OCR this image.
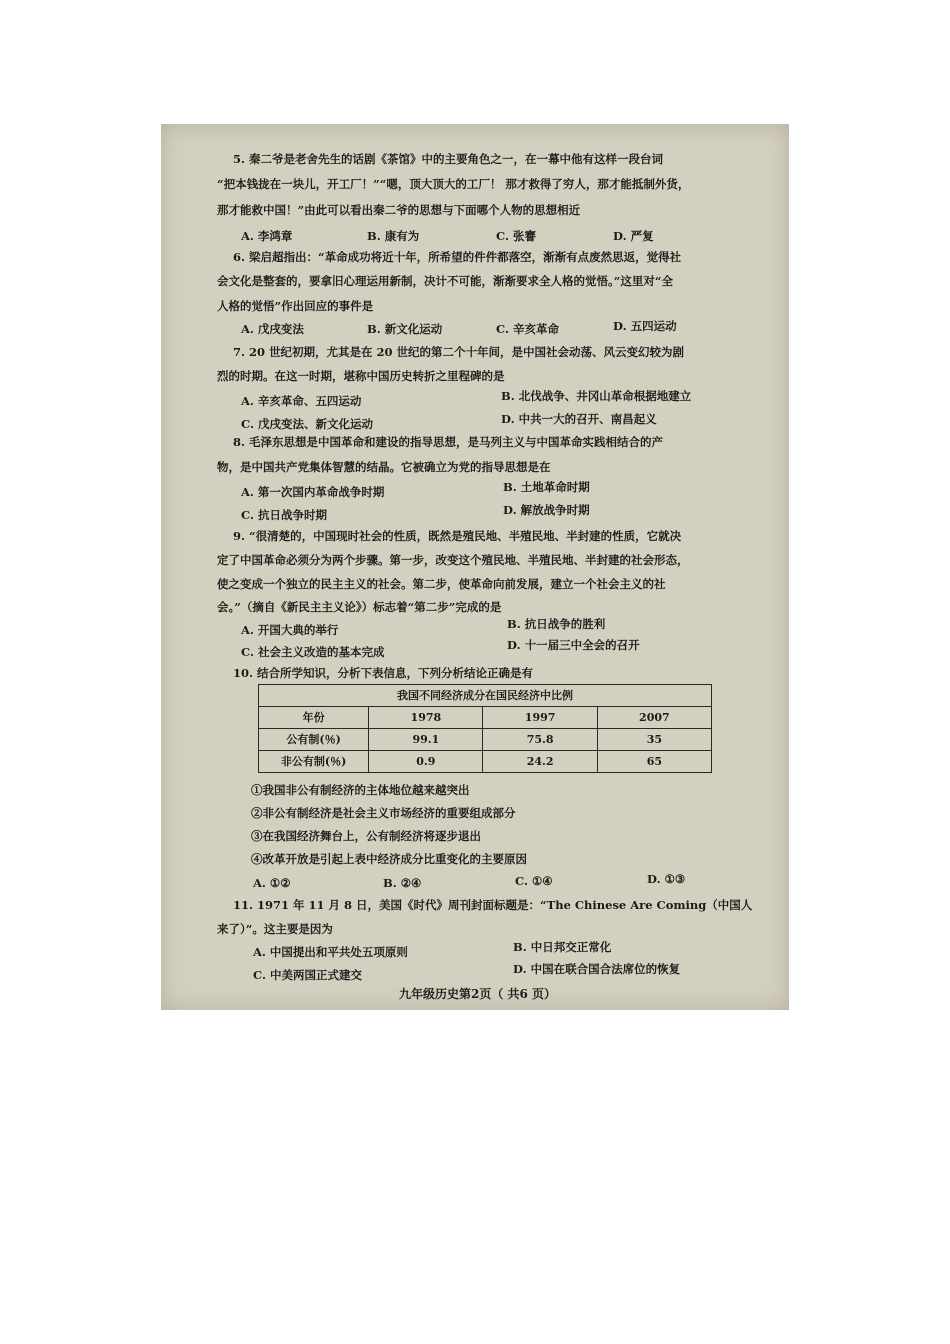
5. 秦二爷是老舍先生的话剧《茶馆》中的主要角色之一，在一幕中他有这样一段台词
“把本钱拢在一块儿，开工厂！”“嗯，顶大顶大的工厂！ 那才救得了穷人，那才能抵制外货，
那才能救中国！”由此可以看出秦二爷的思想与下面哪个人物的思想相近
A. 李鸿章	B. 康有为	C. 张謇	D. 严复
6. 梁启超指出：“革命成功将近十年，所希望的件件都落空，渐渐有点废然思返，觉得社
会文化是整套的，要拿旧心理运用新制，决计不可能，渐渐要求全人格的觉悟。”这里对“全
人格的觉悟”作出回应的事件是
A. 戊戌变法	B. 新文化运动	C. 辛亥革命	D. 五四运动
7. 20 世纪初期，尤其是在 20 世纪的第二个十年间，是中国社会动荡、风云变幻较为剧
烈的时期。在这一时期，堪称中国历史转折之里程碑的是
A. 辛亥革命、五四运动	B. 北伐战争、井冈山革命根据地建立
C. 戊戌变法、新文化运动	D. 中共一大的召开、南昌起义
8. 毛泽东思想是中国革命和建设的指导思想，是马列主义与中国革命实践相结合的产
物，是中国共产党集体智慧的结晶。它被确立为党的指导思想是在
A. 第一次国内革命战争时期	B. 土地革命时期
C. 抗日战争时期	D. 解放战争时期
9. “很清楚的，中国现时社会的性质，既然是殖民地、半殖民地、半封建的性质，它就决
定了中国革命必须分为两个步骤。第一步，改变这个殖民地、半殖民地、半封建的社会形态，
使之变成一个独立的民主主义的社会。第二步，使革命向前发展，建立一个社会主义的社
会。”（摘自《新民主主义论》）标志着“第二步”完成的是
A. 开国大典的举行	B. 抗日战争的胜利
C. 社会主义改造的基本完成	D. 十一届三中全会的召开
10. 结合所学知识，分析下表信息，下列分析结论正确是有
我国不同经济成分在国民经济中比例			
年份	1978	1997	2007
公有制(％)	99.1	75.8	35
非公有制(％)	0.9	24.2	65
①我国非公有制经济的主体地位越来越突出
②非公有制经济是社会主义市场经济的重要组成部分
③在我国经济舞台上，公有制经济将逐步退出
④改革开放是引起上表中经济成分比重变化的主要原因
A. ①②	B. ②④	C. ①④	D. ①③
11. 1971 年 11 月 8 日，美国《时代》周刊封面标题是：“The Chinese Are Coming（中国人
来了）”。这主要是因为
A. 中国提出和平共处五项原则	B. 中日邦交正常化
C. 中美两国正式建交	D. 中国在联合国合法席位的恢复
九年级历史第2页（ 共6 页）
